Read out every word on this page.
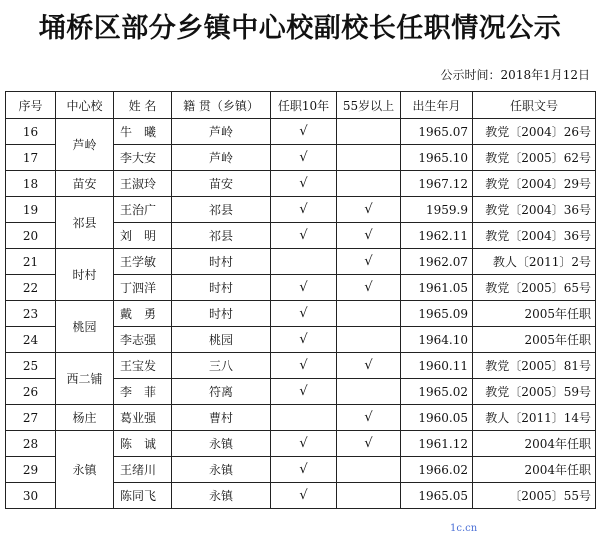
埇桥区部分乡镇中心校副校长任职情况公示
公示时间：2018年1月12日
序号	中心校	姓 名	籍 贯（乡镇）	任职10年	55岁以上	出生年月	任职文号
16	芦岭	牛　曦	芦岭	√		1965.07	教党〔2004〕26号
17		李大安	芦岭	√		1965.10	教党〔2005〕62号
18	苗安	王淑玲	苗安	√		1967.12	教党〔2004〕29号
19	祁县	王治广	祁县	√	√	1959.9	教党〔2004〕36号
20		刘　明	祁县	√	√	1962.11	教党〔2004〕36号
21	时村	王学敏	时村		√	1962.07	教人〔2011〕2号
22		丁泗洋	时村	√	√	1961.05	教党〔2005〕65号
23	桃园	戴　勇	时村	√		1965.09	2005年任职
24		李志强	桃园	√		1964.10	2005年任职
25	西二铺	王宝发	三八	√	√	1960.11	教党〔2005〕81号
26		李　菲	符离	√		1965.02	教党〔2005〕59号
27	杨庄	葛业强	曹村		√	1960.05	教人〔2011〕14号
28	永镇	陈　诚	永镇	√	√	1961.12	2004年任职
29		王绪川	永镇	√		1966.02	2004年任职
30		陈同飞	永镇	√		1965.05	〔2005〕55号
1c.cn
